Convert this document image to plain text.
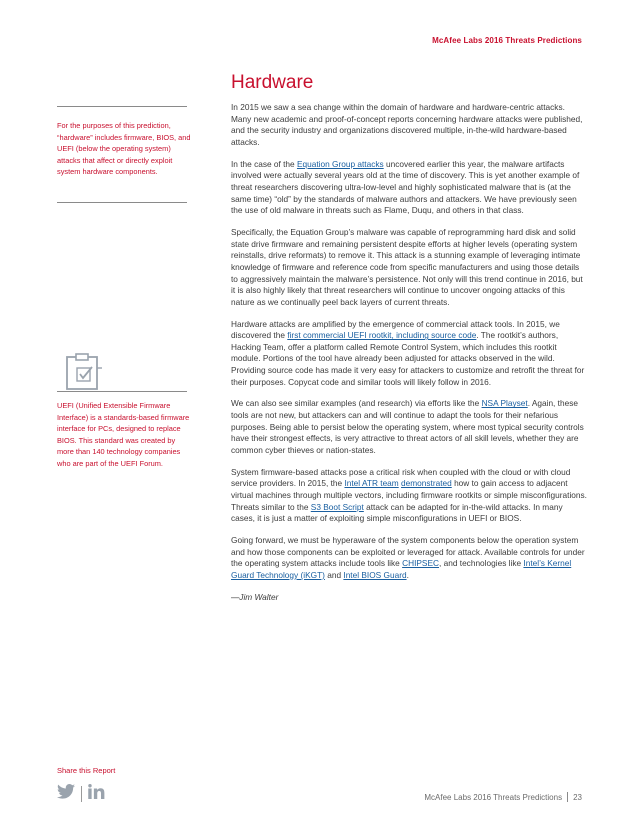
McAfee Labs 2016 Threats Predictions
Hardware
For the purposes of this prediction, “hardware” includes firmware, BIOS, and UEFI (below the operating system) attacks that affect or directly exploit system hardware components.
UEFI (Unified Extensible Firmware Interface) is a standards-based firmware interface for PCs, designed to replace BIOS. This standard was created by more than 140 technology companies who are part of the UEFI Forum.

In 2015 we saw a sea change within the domain of hardware and hardware-centric attacks. Many new academic and proof-of-concept reports concerning hardware attacks were published, and the security industry and organizations discovered multiple, in-the-wild hardware-based attacks.

In the case of the Equation Group attacks uncovered earlier this year, the malware artifacts involved were actually several years old at the time of discovery. This is yet another example of threat researchers discovering ultra-low-level and highly sophisticated malware that is (at the same time) “old” by the standards of malware authors and attackers. We have previously seen the use of old malware in threats such as Flame, Duqu, and others in that class.

Specifically, the Equation Group’s malware was capable of reprogramming hard disk and solid state drive firmware and remaining persistent despite efforts at higher levels (operating system reinstalls, drive reformats) to remove it. This attack is a stunning example of leveraging intimate knowledge of firmware and reference code from specific manufacturers and using those details to aggressively maintain the malware’s persistence. Not only will this trend continue in 2016, but it is also highly likely that threat researchers will continue to uncover ongoing attacks of this nature as we continually peel back layers of current threats.

Hardware attacks are amplified by the emergence of commercial attack tools. In 2015, we discovered the first commercial UEFI rootkit, including source code. The rootkit’s authors, Hacking Team, offer a platform called Remote Control System, which includes this rootkit module. Portions of the tool have already been adjusted for attacks observed in the wild. Providing source code has made it very easy for attackers to customize and retrofit the threat for their purposes. Copycat code and similar tools will likely follow in 2016.

We can also see similar examples (and research) via efforts like the NSA Playset. Again, these tools are not new, but attackers can and will continue to adapt the tools for their nefarious purposes. Being able to persist below the operating system, where most typical security controls have their strongest effects, is very attractive to threat actors of all skill levels, whether they are common cyber thieves or nation-states.

System firmware-based attacks pose a critical risk when coupled with the cloud or with cloud service providers. In 2015, the Intel ATR team demonstrated how to gain access to adjacent virtual machines through multiple vectors, including firmware rootkits or simple misconfigurations. Threats similar to the S3 Boot Script attack can be adapted for in-the-wild attacks. In many cases, it is just a matter of exploiting simple misconfigurations in UEFI or BIOS.

Going forward, we must be hyperaware of the system components below the operation system and how those components can be exploited or leveraged for attack. Available controls for under the operating system attacks include tools like CHIPSEC, and technologies like Intel’s Kernel Guard Technology (iKGT) and Intel BIOS Guard.

—Jim Walter

Share this Report
McAfee Labs 2016 Threats Predictions 23
